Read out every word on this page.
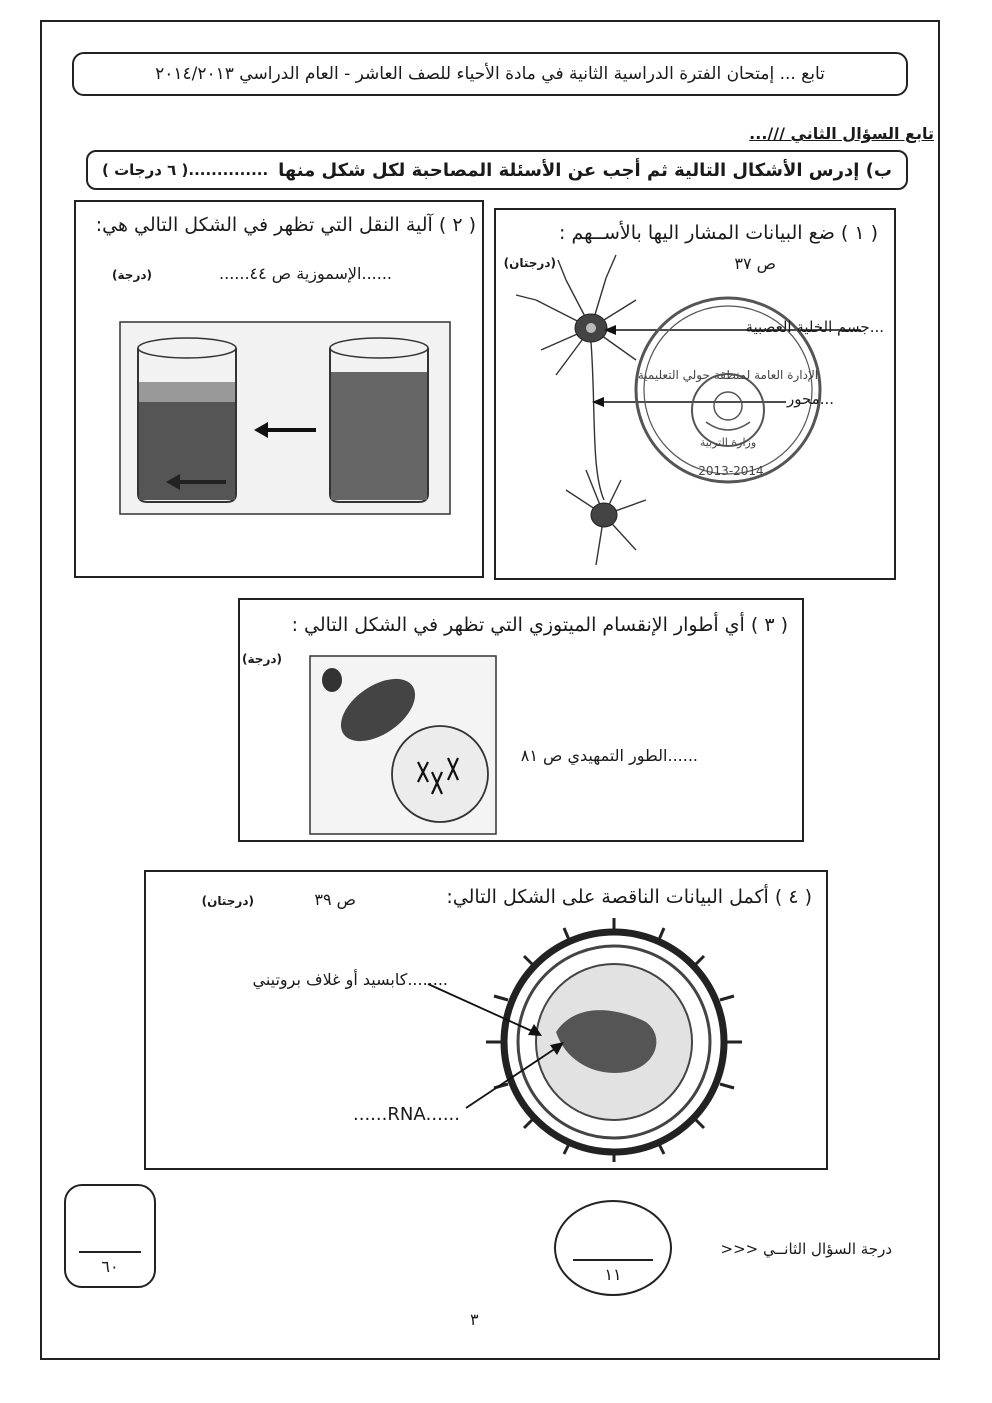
تابع ... إمتحان الفترة الدراسية الثانية في مادة الأحياء للصف العاشر - العام الدراسي ٢٠١٤/٢٠١٣
تابع السؤال الثاني ///...
ب) إدرس الأشكال التالية ثم أجب عن الأسئلة المصاحبة لكل شكل منها
..............( ٦ درجات )
( ١ ) ضع البيانات المشار اليها بالأســهم :
(درجتان)	ص ٣٧
...جسم الخلية العصبية
...محور
الإدارة العامة لمنطقة حولي التعليمية
وزارة التربية
2013-2014
( ٢ ) آلية النقل التي تظهر في الشكل التالي هي:
(درجة)	......الإسموزية ص ٤٤......
( ٣ ) أي أطوار الإنقسام الميتوزي التي تظهر في الشكل التالي :
(درجة)
......الطور التمهيدي ص ٨١
( ٤ ) أكمل البيانات الناقصة على الشكل التالي:
(درجتان)	ص ٣٩
........كابسيد أو غلاف بروتيني
......RNA......
درجة السؤال الثانــي <<<
١١
٦٠
٣
